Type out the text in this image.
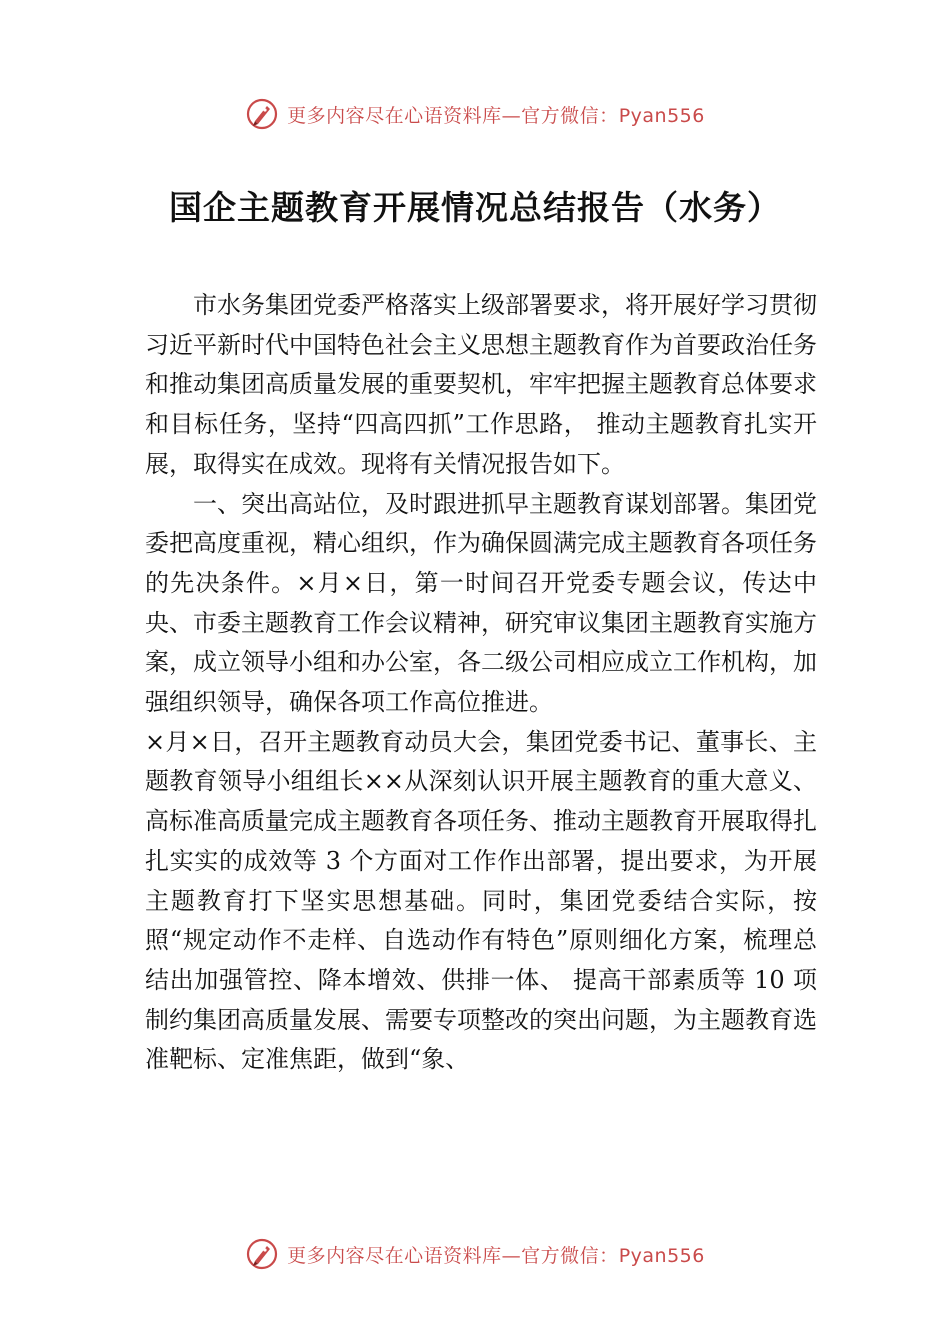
更多内容尽在心语资料库—官方微信：Pyan556
国企主题教育开展情况总结报告（水务）

市水务集团党委严格落实上级部署要求，将开展好学习贯彻习近平新时代中国特色社会主义思想主题教育作为首要政治任务和推动集团高质量发展的重要契机，牢牢把握主题教育总体要求和目标任务，坚持“四高四抓”工作思路， 推动主题教育扎实开展，取得实在成效。现将有关情况报告如下。

一、突出高站位，及时跟进抓早主题教育谋划部署。集团党委把高度重视，精心组织，作为确保圆满完成主题教育各项任务的先决条件。×月×日，第一时间召开党委专题会议，传达中央、市委主题教育工作会议精神，研究审议集团主题教育实施方案，成立领导小组和办公室，各二级公司相应成立工作机构，加强组织领导，确保各项工作高位推进。

×月×日，召开主题教育动员大会，集团党委书记、董事长、主题教育领导小组组长××从深刻认识开展主题教育的重大意义、高标准高质量完成主题教育各项任务、推动主题教育开展取得扎扎实实的成效等 3 个方面对工作作出部署，提出要求，为开展主题教育打下坚实思想基础。同时，集团党委结合实际，按照“规定动作不走样、自选动作有特色”原则细化方案，梳理总结出加强管控、降本增效、供排一体、 提高干部素质等 10 项制约集团高质量发展、需要专项整改的突出问题，为主题教育选准靶标、定准焦距，做到“象、

更多内容尽在心语资料库—官方微信：Pyan556
